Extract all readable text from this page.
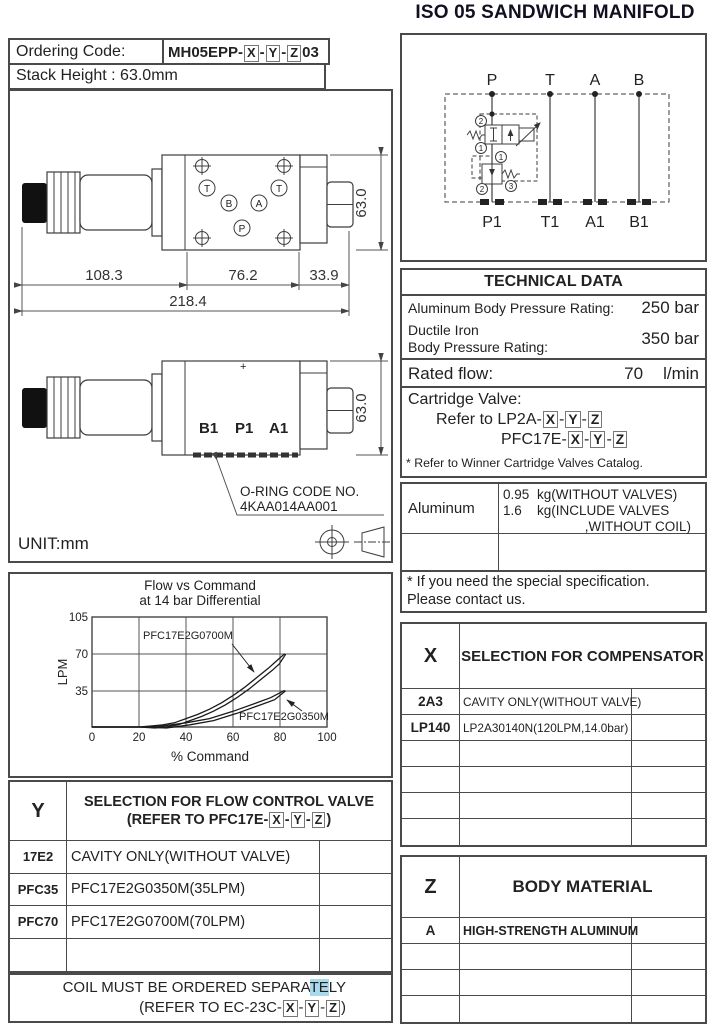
Ordering Code:	MH05EPP- X - Y - Z 03
Stack Height : 63.0mm
ISO 05 SANDWICH MANIFOLD
T	T
B A
P
63.0
108.3	76.2	33.9
218.4
+
B1 P1 A1
63.0
O-RING CODE NO.
4KAA014AA001
UNIT:mm
Flow vs Command
at 14 bar Differential
105
70
35
0	20	40	60	80	100
LPM
% Command
PFC17E2G0700M
PFC17E2G0350M
Y	SELECTION FOR FLOW CONTROL VALVE
(REFER TO PFC17E- X - Y - Z )
17E2	CAVITY ONLY(WITHOUT VALVE)
PFC35 PFC17E2G0350M(35LPM)
PFC70 PFC17E2G0700M(70LPM)
COIL MUST BE ORDERED SEPARATELY
(REFER TO EC-23C- X - Y - Z )
P	T A B
2
1
1
2	3
P1 T1 A1 B1
TECHNICAL DATA
Aluminum Body Pressure Rating: 250 bar
Ductile Iron
Body Pressure Rating:	350 bar
Rated flow:	70 l/min
Cartridge Valve:
Refer to LP2A- X - Y - Z
PFC17E- X - Y - Z
* Refer to Winner Cartridge Valves Catalog.
Aluminum
0.95 kg(WITHOUT VALVES)
1.6	kg(INCLUDE VALVES
,WITHOUT COIL)
* If you need the special specification.
Please contact us.
X	SELECTION FOR COMPENSATOR
2A3	CAVITY ONLY(WITHOUT VALVE)
LP140	LP2A30140N(120LPM,14.0bar)
Z	BODY MATERIAL
A	HIGH-STRENGTH ALUMINUM
